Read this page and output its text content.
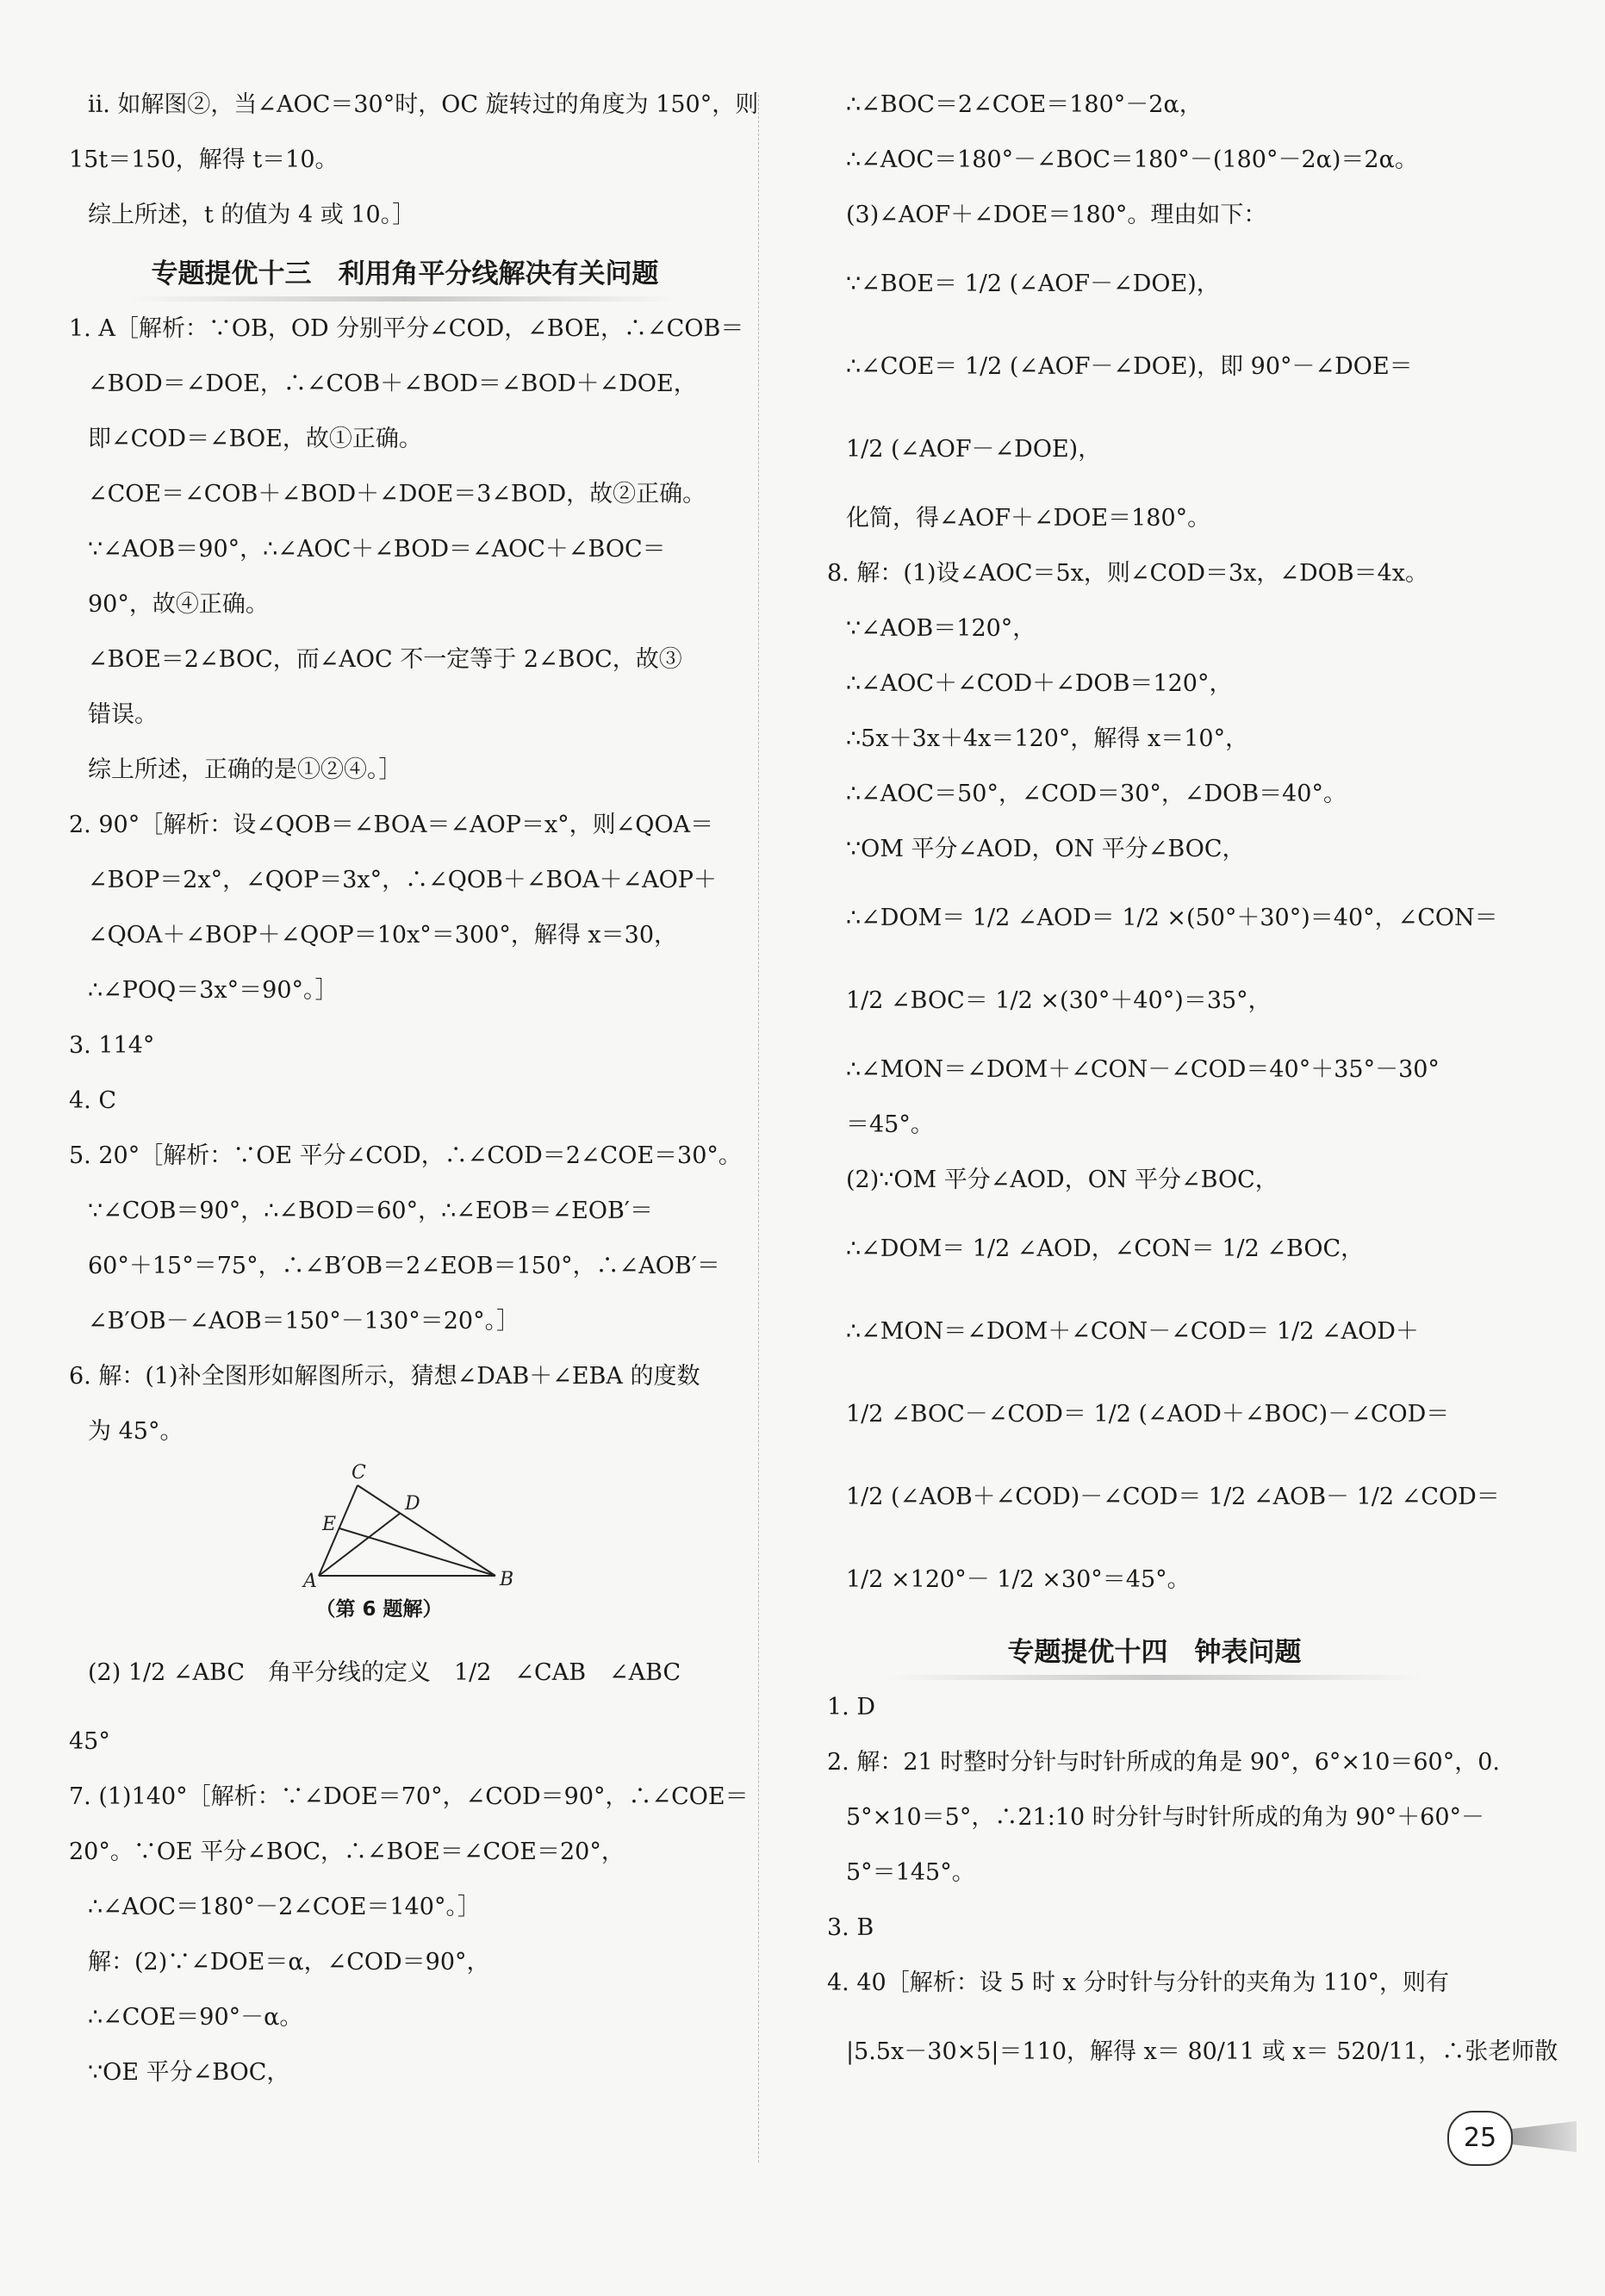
ⅱ. 如解图②，当∠AOC＝30°时，OC 旋转过的角度为 150°，则
15t＝150，解得 t＝10。
综上所述，t 的值为 4 或 10。］
专题提优十三　利用角平分线解决有关问题
1. A［解析：∵OB，OD 分别平分∠COD，∠BOE，∴∠COB＝
∠BOD＝∠DOE，∴∠COB＋∠BOD＝∠BOD＋∠DOE，
即∠COD＝∠BOE，故①正确。
∠COE＝∠COB＋∠BOD＋∠DOE＝3∠BOD，故②正确。
∵∠AOB＝90°，∴∠AOC＋∠BOD＝∠AOC＋∠BOC＝
90°，故④正确。
∠BOE＝2∠BOC，而∠AOC 不一定等于 2∠BOC，故③
错误。
综上所述，正确的是①②④。］
2. 90°［解析：设∠QOB＝∠BOA＝∠AOP＝x°，则∠QOA＝
∠BOP＝2x°，∠QOP＝3x°，∴∠QOB＋∠BOA＋∠AOP＋
∠QOA＋∠BOP＋∠QOP＝10x°＝300°，解得 x＝30，
∴∠POQ＝3x°＝90°。］
3. 114°
4. C
5. 20°［解析：∵OE 平分∠COD，∴∠COD＝2∠COE＝30°。
∵∠COB＝90°，∴∠BOD＝60°，∴∠EOB＝∠EOB′＝
60°＋15°＝75°，∴∠B′OB＝2∠EOB＝150°，∴∠AOB′＝
∠B′OB－∠AOB＝150°－130°＝20°。］
6. 解：(1)补全图形如解图所示，猜想∠DAB＋∠EBA 的度数
为 45°。
C
D
E
A	B
（第 6 题解）
(2) 1/2 ∠ABC　角平分线的定义　1/2　∠CAB　∠ABC
45°
7. (1)140°［解析：∵∠DOE＝70°，∠COD＝90°，∴∠COE＝
20°。∵OE 平分∠BOC，∴∠BOE＝∠COE＝20°，
∴∠AOC＝180°－2∠COE＝140°。］
解：(2)∵∠DOE＝α，∠COD＝90°，
∴∠COE＝90°－α。
∵OE 平分∠BOC，
∴∠BOC＝2∠COE＝180°－2α，
∴∠AOC＝180°－∠BOC＝180°－(180°－2α)＝2α。
(3)∠AOF＋∠DOE＝180°。理由如下：
∵∠BOE＝ 1/2 (∠AOF－∠DOE)，
∴∠COE＝ 1/2 (∠AOF－∠DOE)，即 90°－∠DOE＝
1/2 (∠AOF－∠DOE)，
化简，得∠AOF＋∠DOE＝180°。
8. 解：(1)设∠AOC＝5x，则∠COD＝3x，∠DOB＝4x。
∵∠AOB＝120°，
∴∠AOC＋∠COD＋∠DOB＝120°，
∴5x＋3x＋4x＝120°，解得 x＝10°，
∴∠AOC＝50°，∠COD＝30°，∠DOB＝40°。
∵OM 平分∠AOD，ON 平分∠BOC，
∴∠DOM＝ 1/2 ∠AOD＝ 1/2 ×(50°＋30°)＝40°，∠CON＝
1/2 ∠BOC＝ 1/2 ×(30°＋40°)＝35°，
∴∠MON＝∠DOM＋∠CON－∠COD＝40°＋35°－30°
＝45°。
(2)∵OM 平分∠AOD，ON 平分∠BOC，
∴∠DOM＝ 1/2 ∠AOD，∠CON＝ 1/2 ∠BOC，
∴∠MON＝∠DOM＋∠CON－∠COD＝ 1/2 ∠AOD＋
1/2 ∠BOC－∠COD＝ 1/2 (∠AOD＋∠BOC)－∠COD＝
1/2 (∠AOB＋∠COD)－∠COD＝ 1/2 ∠AOB－ 1/2 ∠COD＝
1/2 ×120°－ 1/2 ×30°＝45°。
专题提优十四　钟表问题
1. D
2. 解：21 时整时分针与时针所成的角是 90°，6°×10＝60°，0.
5°×10＝5°，∴21:10 时分针与时针所成的角为 90°＋60°－
5°＝145°。
3. B
4. 40［解析：设 5 时 x 分时针与分针的夹角为 110°，则有
|5.5x－30×5|＝110，解得 x＝ 80/11 或 x＝ 520/11，∴张老师散
25
